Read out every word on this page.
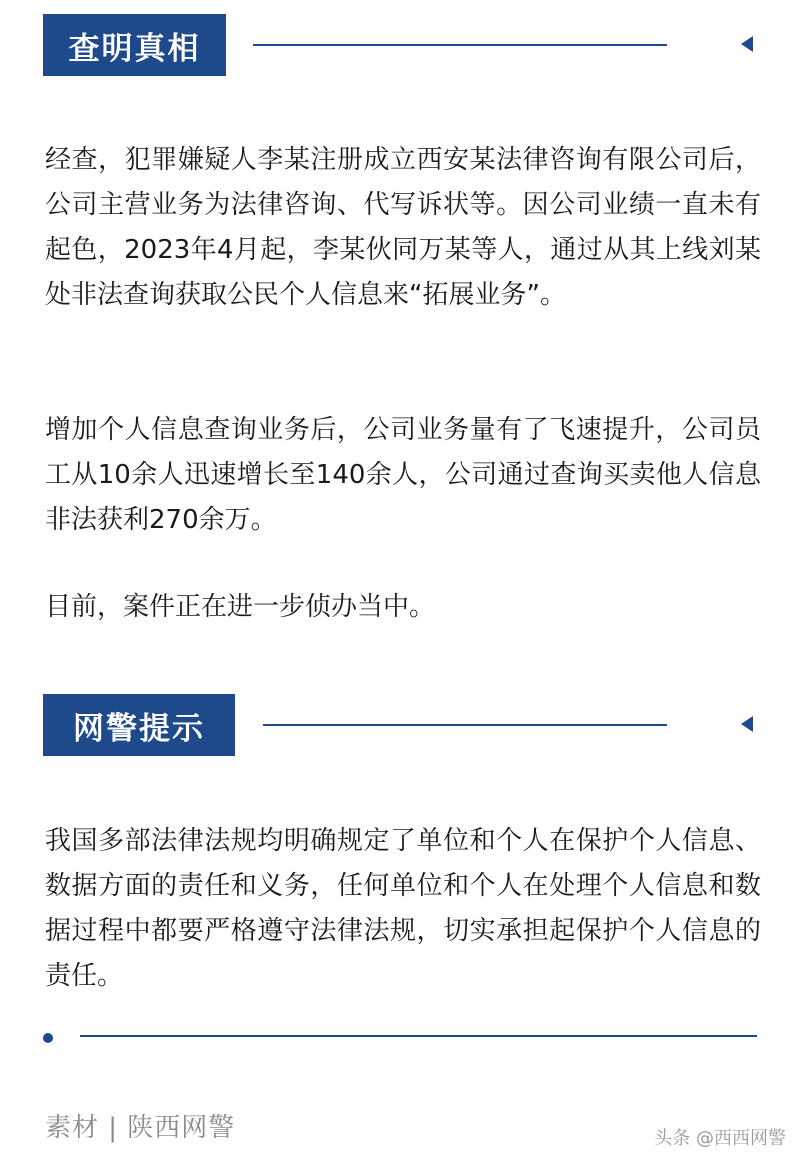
查明真相

经查，犯罪嫌疑人李某注册成立西安某法律咨询有限公司后，公司主营业务为法律咨询、代写诉状等。因公司业绩一直未有起色，2023年4月起，李某伙同万某等人，通过从其上线刘某处非法查询获取公民个人信息来“拓展业务”。

增加个人信息查询业务后，公司业务量有了飞速提升，公司员工从10余人迅速增长至140余人，公司通过查询买卖他人信息非法获利270余万。

目前，案件正在进一步侦办当中。

网警提示

我国多部法律法规均明确规定了单位和个人在保护个人信息、数据方面的责任和义务，任何单位和个人在处理个人信息和数据过程中都要严格遵守法律法规，切实承担起保护个人信息的责任。

素材 | 陕西网警	头条 @西西网警
